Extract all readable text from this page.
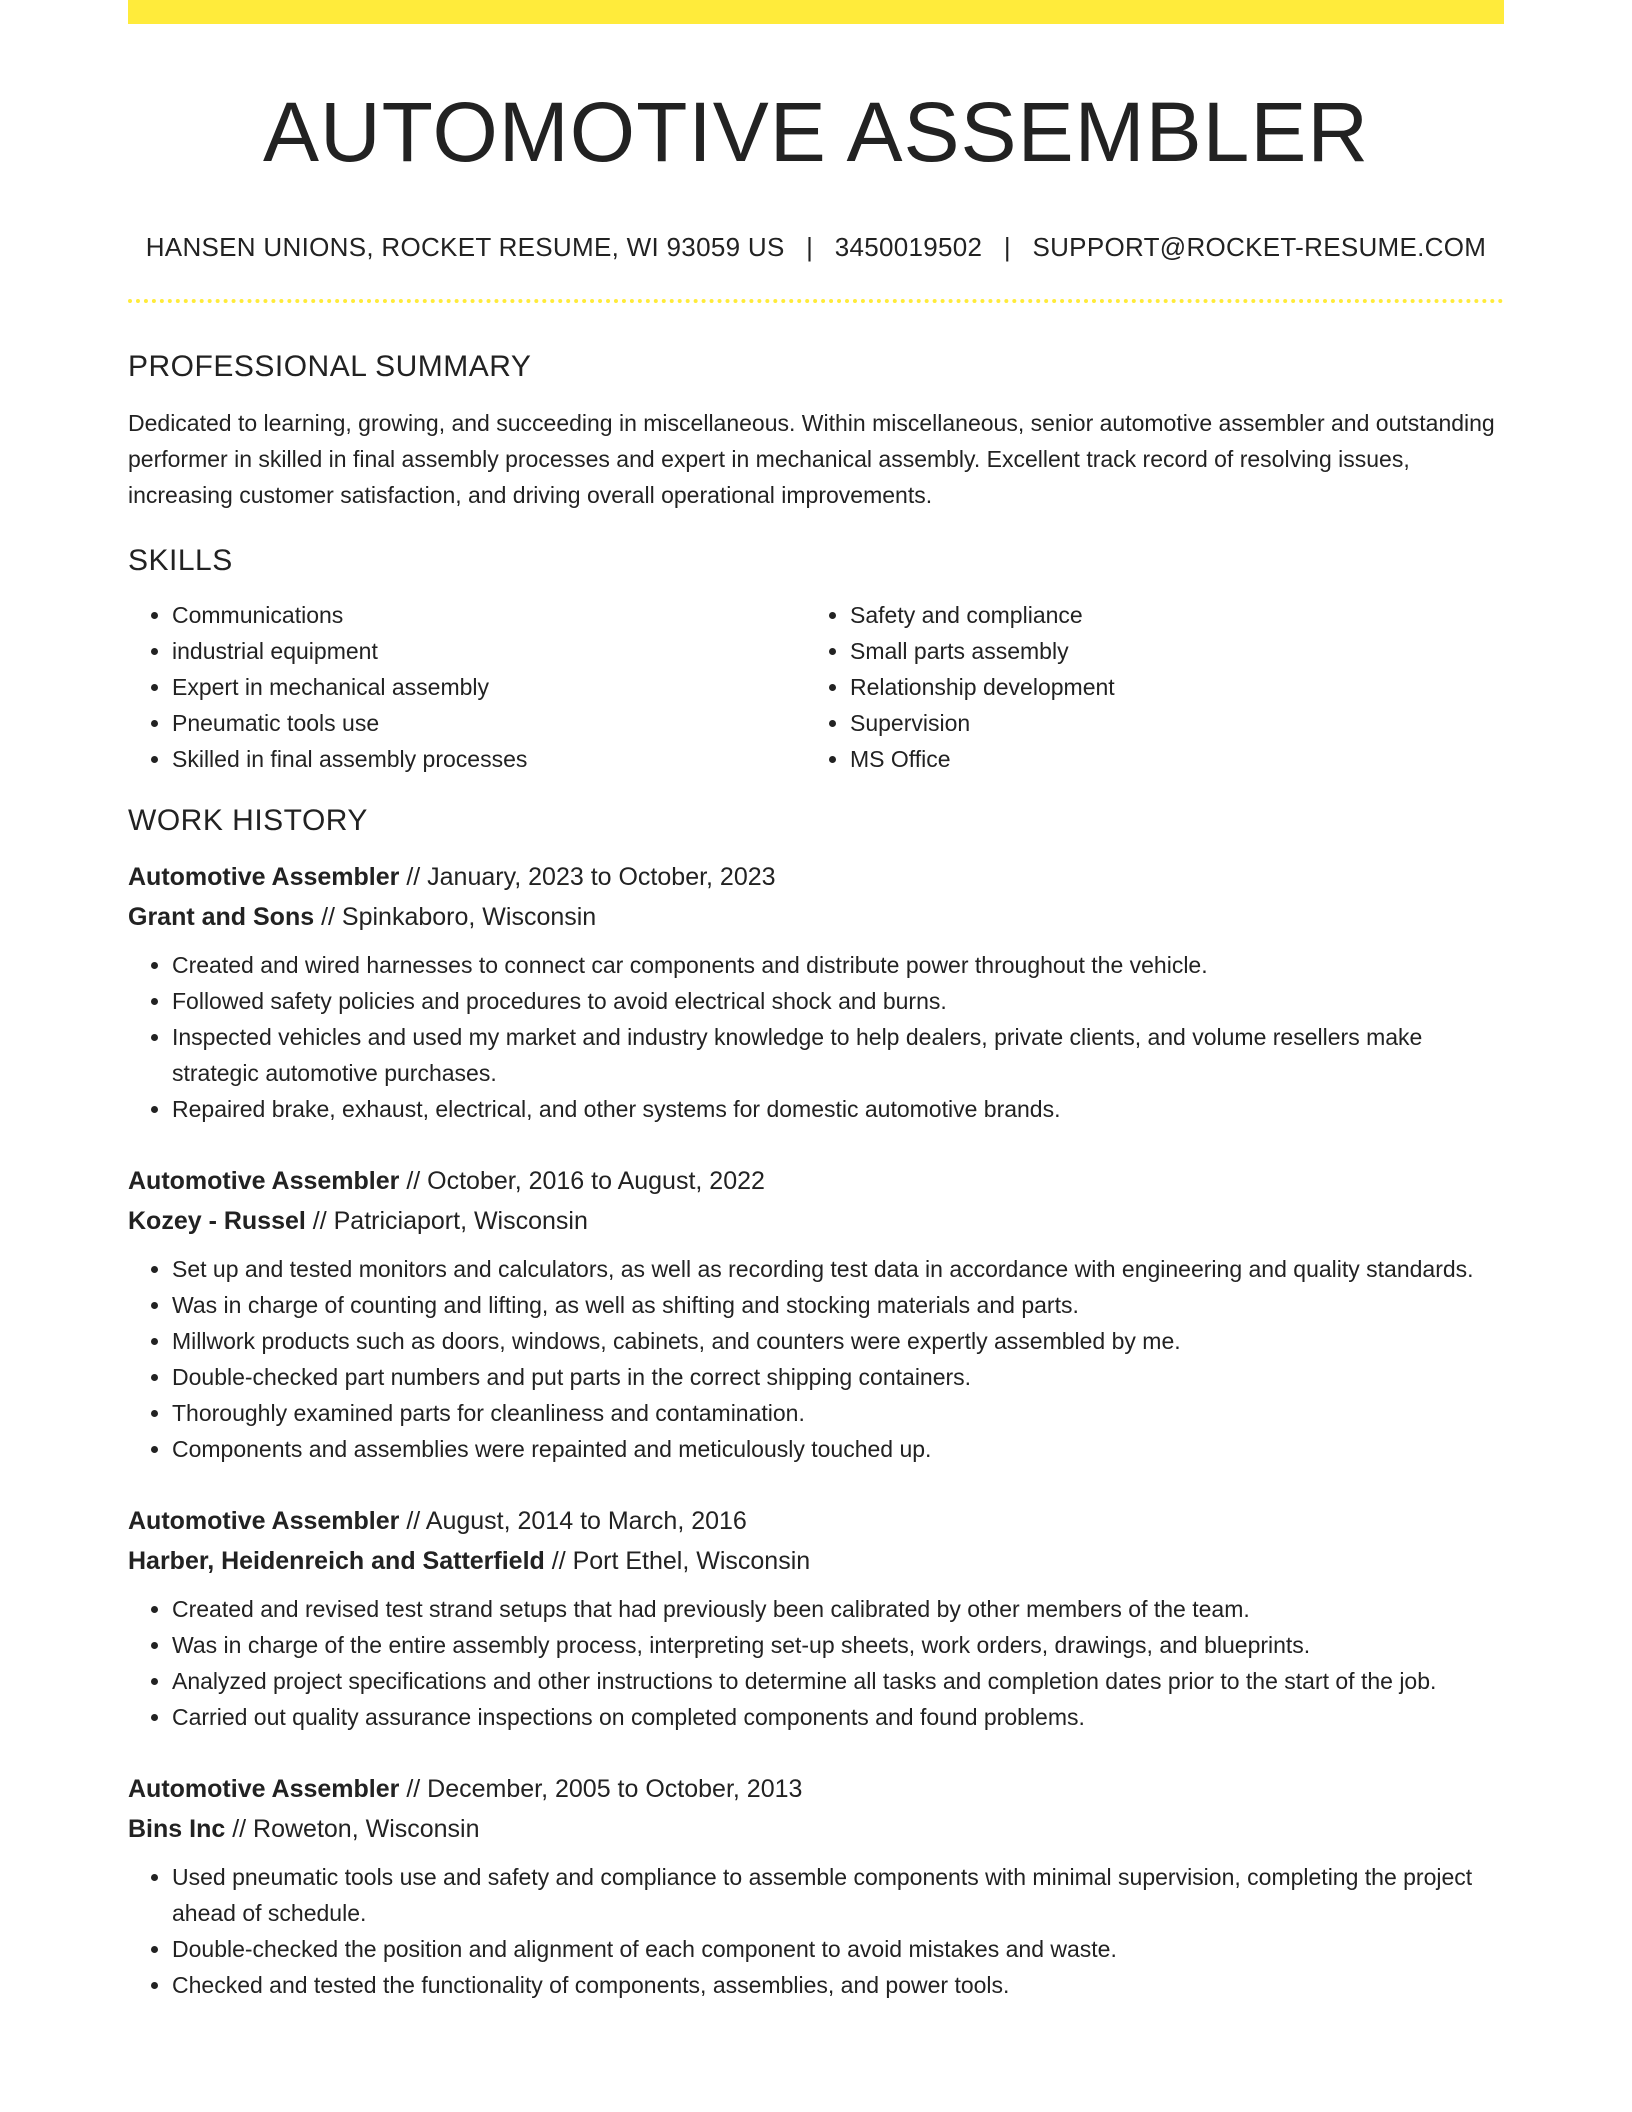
AUTOMOTIVE ASSEMBLER
HANSEN UNIONS, ROCKET RESUME, WI 93059 US | 3450019502 | SUPPORT@ROCKET-RESUME.COM
PROFESSIONAL SUMMARY
Dedicated to learning, growing, and succeeding in miscellaneous. Within miscellaneous, senior automotive assembler and outstanding performer in skilled in final assembly processes and expert in mechanical assembly. Excellent track record of resolving issues, increasing customer satisfaction, and driving overall operational improvements.
SKILLS
• Communications
• industrial equipment
• Expert in mechanical assembly
• Pneumatic tools use
• Skilled in final assembly processes
• Safety and compliance
• Small parts assembly
• Relationship development
• Supervision
• MS Office
WORK HISTORY
Automotive Assembler // January, 2023 to October, 2023
Grant and Sons // Spinkaboro, Wisconsin
• Created and wired harnesses to connect car components and distribute power throughout the vehicle.
• Followed safety policies and procedures to avoid electrical shock and burns.
• Inspected vehicles and used my market and industry knowledge to help dealers, private clients, and volume resellers make strategic automotive purchases.
• Repaired brake, exhaust, electrical, and other systems for domestic automotive brands.
Automotive Assembler // October, 2016 to August, 2022
Kozey - Russel // Patriciaport, Wisconsin
• Set up and tested monitors and calculators, as well as recording test data in accordance with engineering and quality standards.
• Was in charge of counting and lifting, as well as shifting and stocking materials and parts.
• Millwork products such as doors, windows, cabinets, and counters were expertly assembled by me.
• Double-checked part numbers and put parts in the correct shipping containers.
• Thoroughly examined parts for cleanliness and contamination.
• Components and assemblies were repainted and meticulously touched up.
Automotive Assembler // August, 2014 to March, 2016
Harber, Heidenreich and Satterfield // Port Ethel, Wisconsin
• Created and revised test strand setups that had previously been calibrated by other members of the team.
• Was in charge of the entire assembly process, interpreting set-up sheets, work orders, drawings, and blueprints.
• Analyzed project specifications and other instructions to determine all tasks and completion dates prior to the start of the job.
• Carried out quality assurance inspections on completed components and found problems.
Automotive Assembler // December, 2005 to October, 2013
Bins Inc // Roweton, Wisconsin
• Used pneumatic tools use and safety and compliance to assemble components with minimal supervision, completing the project ahead of schedule.
• Double-checked the position and alignment of each component to avoid mistakes and waste.
• Checked and tested the functionality of components, assemblies, and power tools.
